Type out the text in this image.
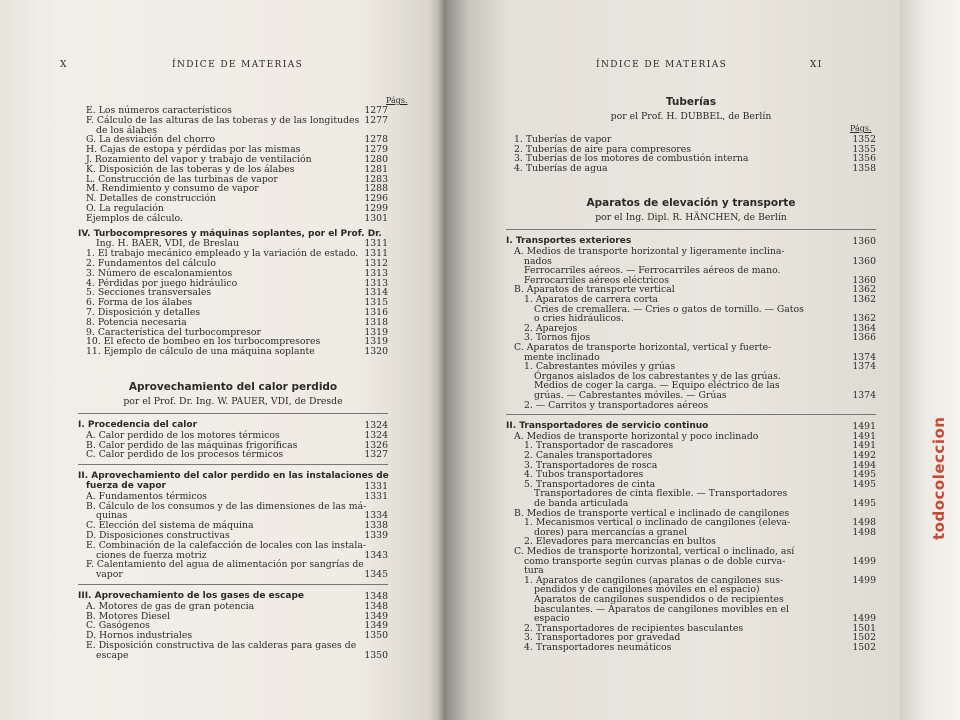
X	ÍNDICE DE MATERIAS
Págs.
E. Los números característicos	1277
F. Cálculo de las alturas de las toberas y de las longitudes 1277
de los álabes
G. La desviación del chorro	1278
H. Cajas de estopa y pérdidas por las mismas	1279
J. Rozamiento del vapor y trabajo de ventilación	1280
K. Disposición de las toberas y de los álabes	1281
L. Construcción de las turbinas de vapor	1283
M. Rendimiento y consumo de vapor	1288
N. Detalles de construcción	1296
O. La regulación	1299
Ejemplos de cálculo.	1301
IV. Turbocompresores y máquinas soplantes, por el Prof. Dr.
Ing. H. BAER, VDI, de Breslau	1311
1. El trabajo mecánico empleado y la variación de estado. 1311
2. Fundamentos del cálculo	1312
3. Número de escalonamientos	1313
4. Pérdidas por juego hidráulico	1313
5. Secciones transversales	1314
6. Forma de los álabes	1315
7. Disposición y detalles	1316
8. Potencia necesaria	1318
9. Característica del turbocompresor	1319
10. El efecto de bombeo en los turbocompresores	1319
11. Ejemplo de cálculo de una máquina soplante	1320
Aprovechamiento del calor perdido
por el Prof. Dr. Ing. W. PAUER, VDI, de Dresde
I. Procedencia del calor	1324
A. Calor perdido de los motores térmicos	1324
B. Calor perdido de las máquinas frigoríficas	1326
C. Calor perdido de los procesos térmicos	1327
II. Aprovechamiento del calor perdido en las instalaciones de
fuerza de vapor	1331
A. Fundamentos térmicos	1331
B. Cálculo de los consumos y de las dimensiones de las má-
quinas	1334
C. Elección del sistema de máquina	1338
D. Disposiciones constructivas	1339
E. Combinación de la calefacción de locales con las instala-
ciones de fuerza motriz	1343
F. Calentamiento del agua de alimentación por sangrías de
vapor	1345
III. Aprovechamiento de los gases de escape	1348
A. Motores de gas de gran potencia	1348
B. Motores Diesel	1349
C. Gasógenos	1349
D. Hornos industriales	1350
E. Disposición constructiva de las calderas para gases de
escape	1350
ÍNDICE DE MATERIAS	XI
Tuberías
por el Prof. H. DUBBEL, de Berlín
Págs.
1. Tuberías de vapor	1352
2. Tuberías de aire para compresores	1355
3. Tuberías de los motores de combustión interna	1356
4. Tuberías de agua	1358
Aparatos de elevación y transporte
por el Ing. Dipl. R. HÄNCHEN, de Berlín
I. Transportes exteriores	1360
A. Medios de transporte horizontal y ligeramente inclina-
nados	1360
Ferrocarriles aéreos. — Ferrocarriles aéreos de mano.
Ferrocarriles aéreos eléctricos	1360
B. Aparatos de transporte vertical	1362
1. Aparatos de carrera corta	1362
Cries de cremallera. — Cries o gatos de tornillo. — Gatos
o cries hidráulicos.	1362
2. Aparejos	1364
3. Tornos fijos	1366
C. Aparatos de transporte horizontal, vertical y fuerte-
mente inclinado	1374
1. Cabrestantes móviles y grúas	1374
Órganos aislados de los cabrestantes y de las grúas.
Medios de coger la carga. — Equipo eléctrico de las
grúas. — Cabrestantes móviles. — Grúas	1374
2. — Carritos y transportadores aéreos
II. Transportadores de servicio continuo	1491
A. Medios de transporte horizontal y poco inclinado	1491
1. Transportador de rascadores	1491
2. Canales transportadores	1492
3. Transportadores de rosca	1494
4. Tubos transportadores	1495
5. Transportadores de cinta	1495
Transportadores de cinta flexible. — Transportadores
de banda articulada	1495
B. Medios de transporte vertical e inclinado de cangilones
1. Mecanismos vertical o inclinado de cangilones (eleva-	1498
dores) para mercancías a granel	1498
2. Elevadores para mercancías en bultos
C. Medios de transporte horizontal, vertical o inclinado, así
como transporte según curvas planas o de doble curva-	1499
tura
1. Aparatos de cangilones (aparatos de cangilones sus-	1499
pendidos y de cangilones móviles en el espacio)
Aparatos de cangilones suspendidos o de recipientes
basculantes. — Aparatos de cangilones movibles en el
espacio	1499
2. Transportadores de recipientes basculantes	1501
3. Transportadores por gravedad	1502
4. Transportadores neumáticos	1502
todocoleccion
